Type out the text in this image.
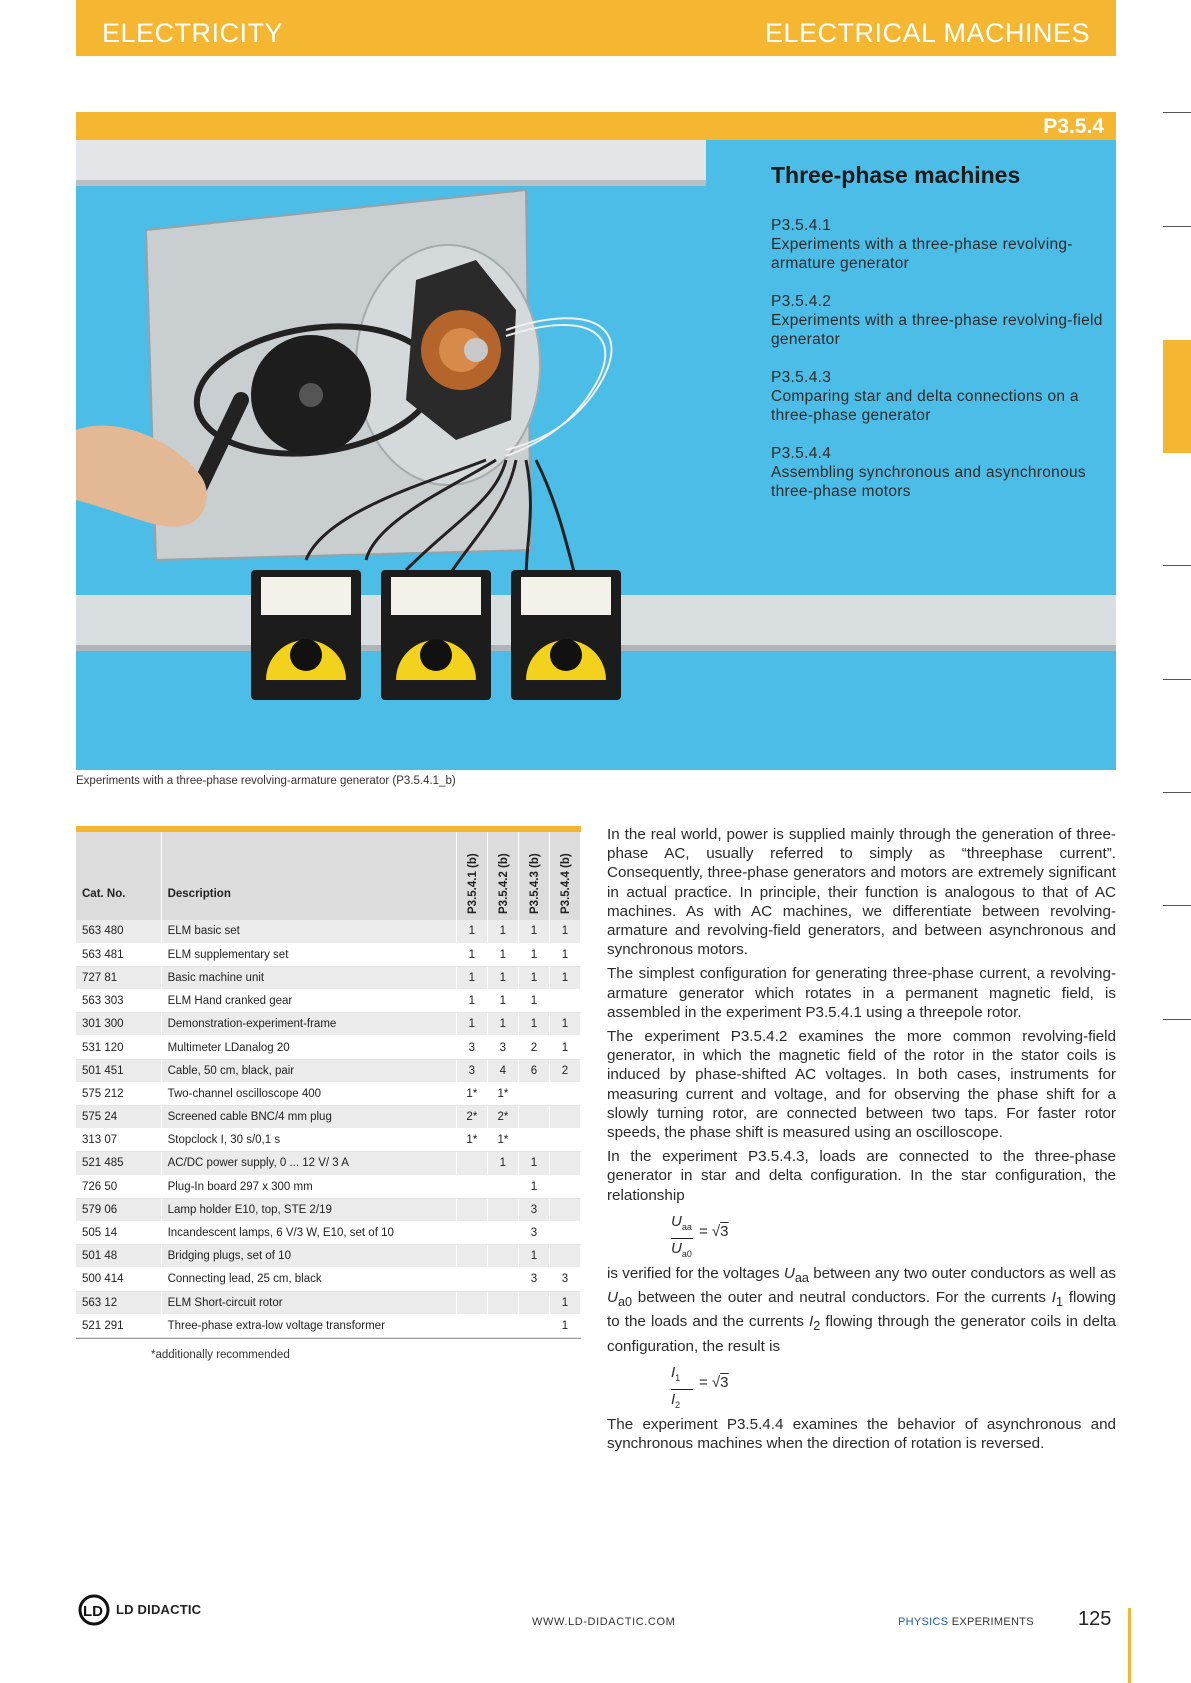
ELECTRICITY	ELECTRICAL MACHINES
P3.5.4
Three-phase machines
P3.5.4.1
Experiments with a three-phase revolving-armature generator
P3.5.4.2
Experiments with a three-phase revolving-field generator
P3.5.4.3
Comparing star and delta connections on a three-phase generator
P3.5.4.4
Assembling synchronous and asynchronous three-phase motors
Experiments with a three-phase revolving-armature generator (P3.5.4.1_b)
Cat. No.	Description	P3.5.4.1 (b)	P3.5.4.2 (b)	P3.5.4.3 (b)	P3.5.4.4 (b)

563 480	ELM basic set	1	1	1	1
563 481	ELM supplementary set	1	1	1	1
727 81	Basic machine unit	1	1	1	1
563 303	ELM Hand cranked gear	1	1	1	
301 300	Demonstration-experiment-frame	1	1	1	1
531 120	Multimeter LDanalog 20	3	3	2	1
501 451	Cable, 50 cm, black, pair	3	4	6	2
575 212	Two-channel oscilloscope 400	1*	1*		
575 24	Screened cable BNC/4 mm plug	2*	2*		
313 07	Stopclock I, 30 s/0,1 s	1*	1*		
521 485	AC/DC power supply, 0 ... 12 V/ 3 A		1	1	
726 50	Plug-In board 297 x 300 mm			1	
579 06	Lamp holder E10, top, STE 2/19			3	
505 14	Incandescent lamps, 6 V/3 W, E10, set of 10			3	
501 48	Bridging plugs, set of 10			1	
500 414	Connecting lead, 25 cm, black			3	3
563 12	ELM Short-circuit rotor				1
521 291	Three-phase extra-low voltage transformer				1
*additionally recommended

In the real world, power is supplied mainly through the generation of three-phase AC, usually referred to simply as “threephase current”. Consequently, three-phase generators and motors are extremely significant in actual practice. In principle, their function is analogous to that of AC machines. As with AC machines, we differentiate between revolving-armature and revolving-field generators, and between asynchronous and synchronous motors.

The simplest configuration for generating three-phase current, a revolving-armature generator which rotates in a permanent magnetic field, is assembled in the experiment P3.5.4.1 using a threepole rotor.

The experiment P3.5.4.2 examines the more common revolving-field generator, in which the magnetic field of the rotor in the stator coils is induced by phase-shifted AC voltages. In both cases, instruments for measuring current and voltage, and for observing the phase shift for a slowly turning rotor, are connected between two taps. For faster rotor speeds, the phase shift is measured using an oscilloscope.

In the experiment P3.5.4.3, loads are connected to the three-phase generator in star and delta configuration. In the star configuration, the relationship

$U_{aa}$
$U_{a0}$
= √3

is verified for the voltages $U_{aa}$ between any two outer conductors as well as $U_{a0}$ between the outer and neutral conductors. For the currents $I_1$ flowing to the loads and the currents $I_2$ flowing through the generator coils in delta configuration, the result is

$\frac{I_1}{I_2} = √3$

The experiment P3.5.4.4 examines the behavior of asynchronous and synchronous machines when the direction of rotation is reversed.

LD LD DIDACTIC
WWW.LD-DIDACTIC.COM	PHYSICS EXPERIMENTS 125
